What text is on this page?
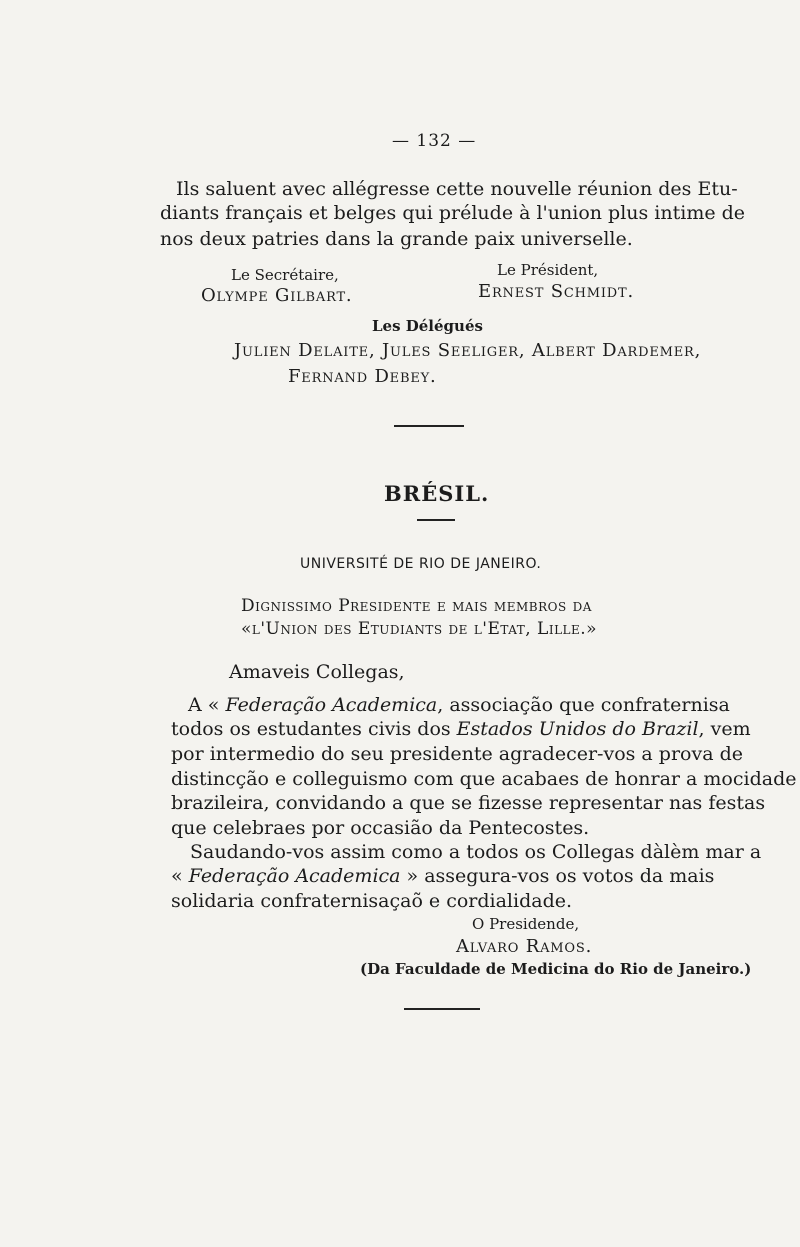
— 132 —
Ils saluent avec allégresse cette nouvelle réunion des Etu-
diants français et belges qui prélude à l'union plus intime de
nos deux patries dans la grande paix universelle.
Le Secrétaire,	Le Président,
Olympe Gilbart.	Ernest Schmidt.
Les Délégués
Julien Delaite, Jules Seeliger, Albert Dardemer,
Fernand Debey.
BRÉSIL.
UNIVERSITÉ DE RIO DE JANEIRO.
Dignissimo Presidente e mais membros da
«l'Union des Etudiants de l'Etat, Lille.»
Amaveis Collegas,
A « Federação Academica, associação que confraternisa
todos os estudantes civis dos Estados Unidos do Brazil, vem
por intermedio do seu presidente agradecer-vos a prova de
distincção e colleguismo com que acabaes de honrar a mocidade
brazileira, convidando a que se fizesse representar nas festas
que celebraes por occasião da Pentecostes.
Saudando-vos assim como a todos os Collegas dàlèm mar a
« Federação Academica » assegura-vos os votos da mais
solidaria confraternisaçaõ e cordialidade.
O Presidende,
Alvaro Ramos.
(Da Faculdade de Medicina do Rio de Janeiro.)
